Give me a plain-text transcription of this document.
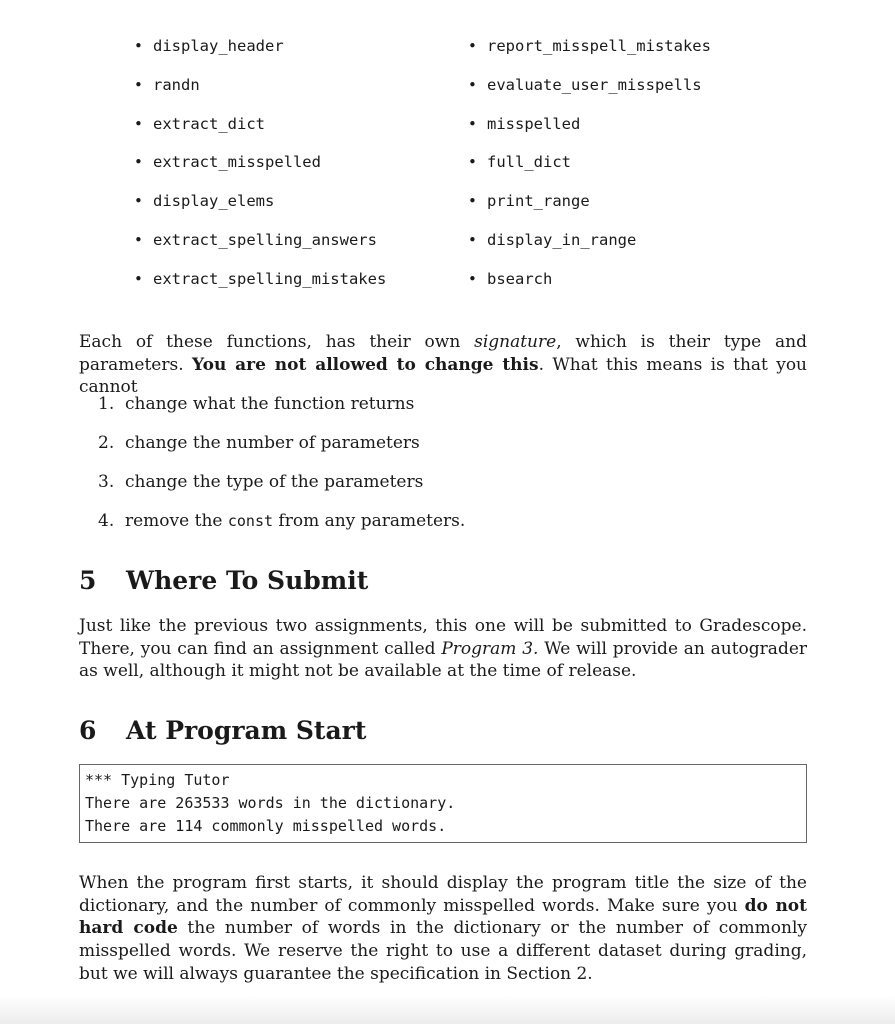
• display_header
• randn
• extract_dict
• extract_misspelled
• display_elems
• extract_spelling_answers
• extract_spelling_mistakes
• report_misspell_mistakes
• evaluate_user_misspells
• misspelled
• full_dict
• print_range
• display_in_range
• bsearch

Each of these functions, has their own signature, which is their type and parameters. You are not allowed to change this. What this means is that you cannot

1. change what the function returns
2. change the number of parameters
3. change the type of the parameters
4. remove the const from any parameters.
5 Where To Submit

Just like the previous two assignments, this one will be submitted to Gradescope. There, you can find an assignment called Program 3. We will provide an autograder as well, although it might not be available at the time of release.

6 At Program Start
*** Typing Tutor
There are 263533 words in the dictionary.
There are 114 commonly misspelled words.

When the program first starts, it should display the program title the size of the dictionary, and the number of commonly misspelled words. Make sure you do not hard code the number of words in the dictionary or the number of commonly misspelled words. We reserve the right to use a different dataset during grading, but we will always guarantee the specification in Section 2.
